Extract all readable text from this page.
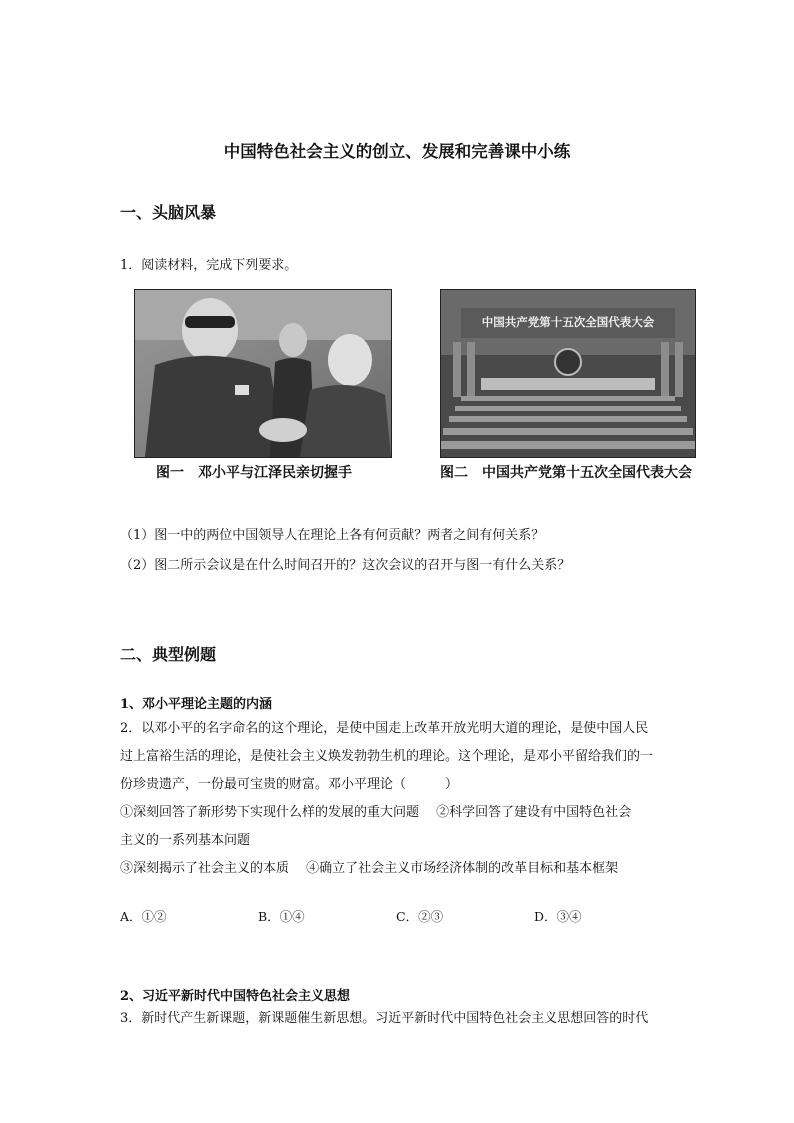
中国特色社会主义的创立、发展和完善课中小练
一、头脑风暴
1．阅读材料，完成下列要求。
中国共产党第十五次全国代表大会
图一　邓小平与江泽民亲切握手	图二　中国共产党第十五次全国代表大会
（1）图一中的两位中国领导人在理论上各有何贡献？两者之间有何关系？
（2）图二所示会议是在什么时间召开的？这次会议的召开与图一有什么关系？
二、典型例题
1、邓小平理论主题的内涵
2．以邓小平的名字命名的这个理论，是使中国走上改革开放光明大道的理论，是使中国人民
过上富裕生活的理论，是使社会主义焕发勃勃生机的理论。这个理论，是邓小平留给我们的一
份珍贵遗产，一份最可宝贵的财富。邓小平理论（　　　）
①深刻回答了新形势下实现什么样的发展的重大问题　 ②科学回答了建设有中国特色社会
主义的一系列基本问题
③深刻揭示了社会主义的本质　 ④确立了社会主义市场经济体制的改革目标和基本框架
A．①②	B．①④	C．②③	D．③④
2、习近平新时代中国特色社会主义思想
3．新时代产生新课题，新课题催生新思想。习近平新时代中国特色社会主义思想回答的时代
